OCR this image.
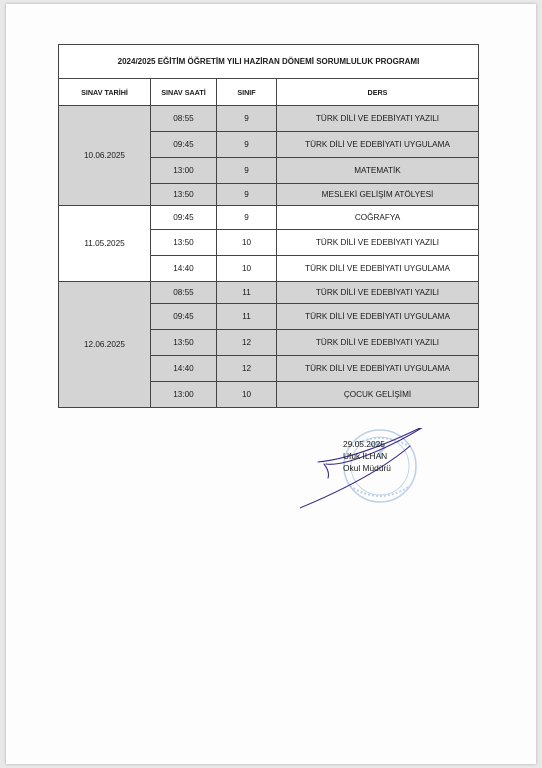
2024/2025 EĞİTİM ÖĞRETİM YILI HAZİRAN DÖNEMİ SORUMLULUK PROGRAMI			
SINAV TARİHİ	SINAV SAATİ	SINIF	DERS
10.06.2025	08:55	9	TÜRK DİLİ VE EDEBİYATI YAZILI
	09:45	9	TÜRK DİLİ VE EDEBİYATI UYGULAMA
	13:00	9	MATEMATİK
	13:50	9	MESLEKİ GELİŞİM ATÖLYESİ
11.05.2025	09:45	9	COĞRAFYA
	13:50	10	TÜRK DİLİ VE EDEBİYATI YAZILI
	14:40	10	TÜRK DİLİ VE EDEBİYATI UYGULAMA
12.06.2025	08:55	11	TÜRK DİLİ VE EDEBİYATI YAZILI
	09:45	11	TÜRK DİLİ VE EDEBİYATI UYGULAMA
	13:50	12	TÜRK DİLİ VE EDEBİYATI YAZILI
	14:40	12	TÜRK DİLİ VE EDEBİYATI UYGULAMA
	13:00	10	ÇOCUK GELİŞİMİ
29.05.2025
Ufuk İLHAN
Okul Müdürü
